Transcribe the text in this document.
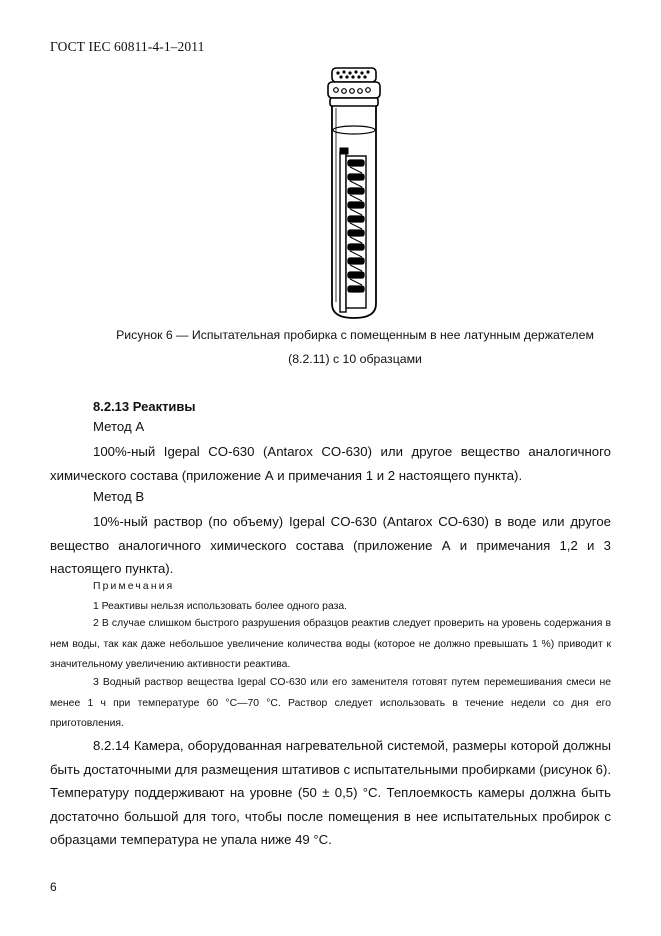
ГОСТ IEC 60811-4-1–2011
Рисунок 6 — Испытательная пробирка с помещенным в нее латунным держателем
(8.2.11) с 10 образцами
8.2.13 Реактивы
Метод А

100%-ный Igepal CO-630 (Antarox CO-630) или другое вещество аналогичного химического состава (приложение А и примечания 1 и 2 настоящего пункта).

Метод В

10%-ный раствор (по объему) Igepal CO-630 (Antarox CO-630) в воде или другое вещество аналогичного химического состава (приложение А и примечания 1,2 и 3 настоящего пункта).

Примечания

1 Реактивы нельзя использовать более одного раза.

2 В случае слишком быстрого разрушения образцов реактив следует проверить на уровень содержания в нем воды, так как даже небольшое увеличение количества воды (которое не должно превышать 1 %) приводит к значительному увеличению активности реактива.

3 Водный раствор вещества Igepal CO-630 или его заменителя готовят путем перемешивания смеси не менее 1 ч при температуре 60 °С—70 °С. Раствор следует использовать в течение недели со дня его приготовления.

8.2.14 Камера, оборудованная нагревательной системой, размеры которой должны быть достаточными для размещения штативов с испытательными пробирками (рисунок 6). Температуру поддерживают на уровне (50 ± 0,5) °С. Теплоемкость камеры должна быть достаточно большой для того, чтобы после помещения в нее испытательных пробирок с образцами температура не упала ниже 49 °С.

6
